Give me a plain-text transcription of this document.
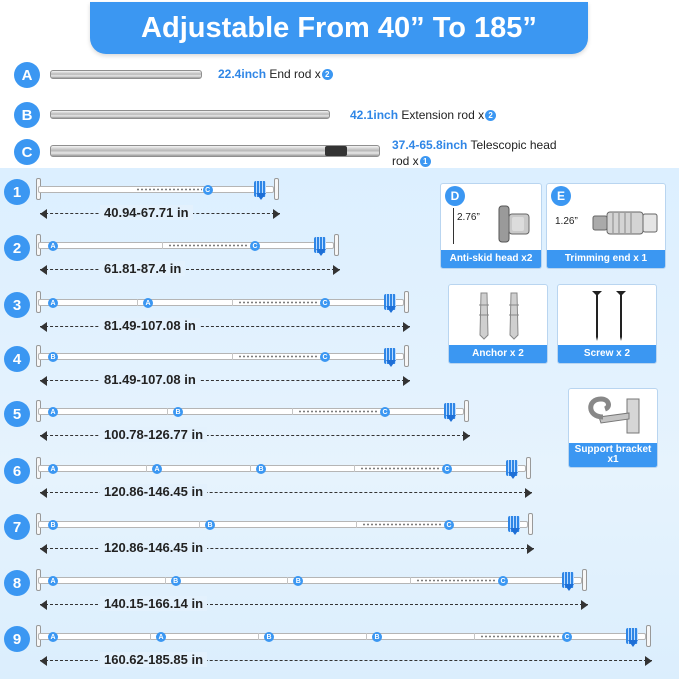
Adjustable From 40” To 185”
A	22.4inch End rod x 2
B	42.1inch Extension rod x 2
C	37.4-65.8inch Telescopic head
rod x 1
1	C
40.94-67.71 in
2	A	C
61.81-87.4 in
3	A	A	C
81.49-107.08 in
4	B	C
81.49-107.08 in
5	A	B	C
100.78-126.77 in
6	A	A	B	C
120.86-146.45 in
7	B	B	C
120.86-146.45 in
8	A	B	B	C
140.15-166.14 in
9	A	A	B	B	C
160.62-185.85 in
D
2.76”
Anti-skid head x2
E
1.26”
Trimming end x 1
Anchor x 2	Screw x 2
Support bracket x1
